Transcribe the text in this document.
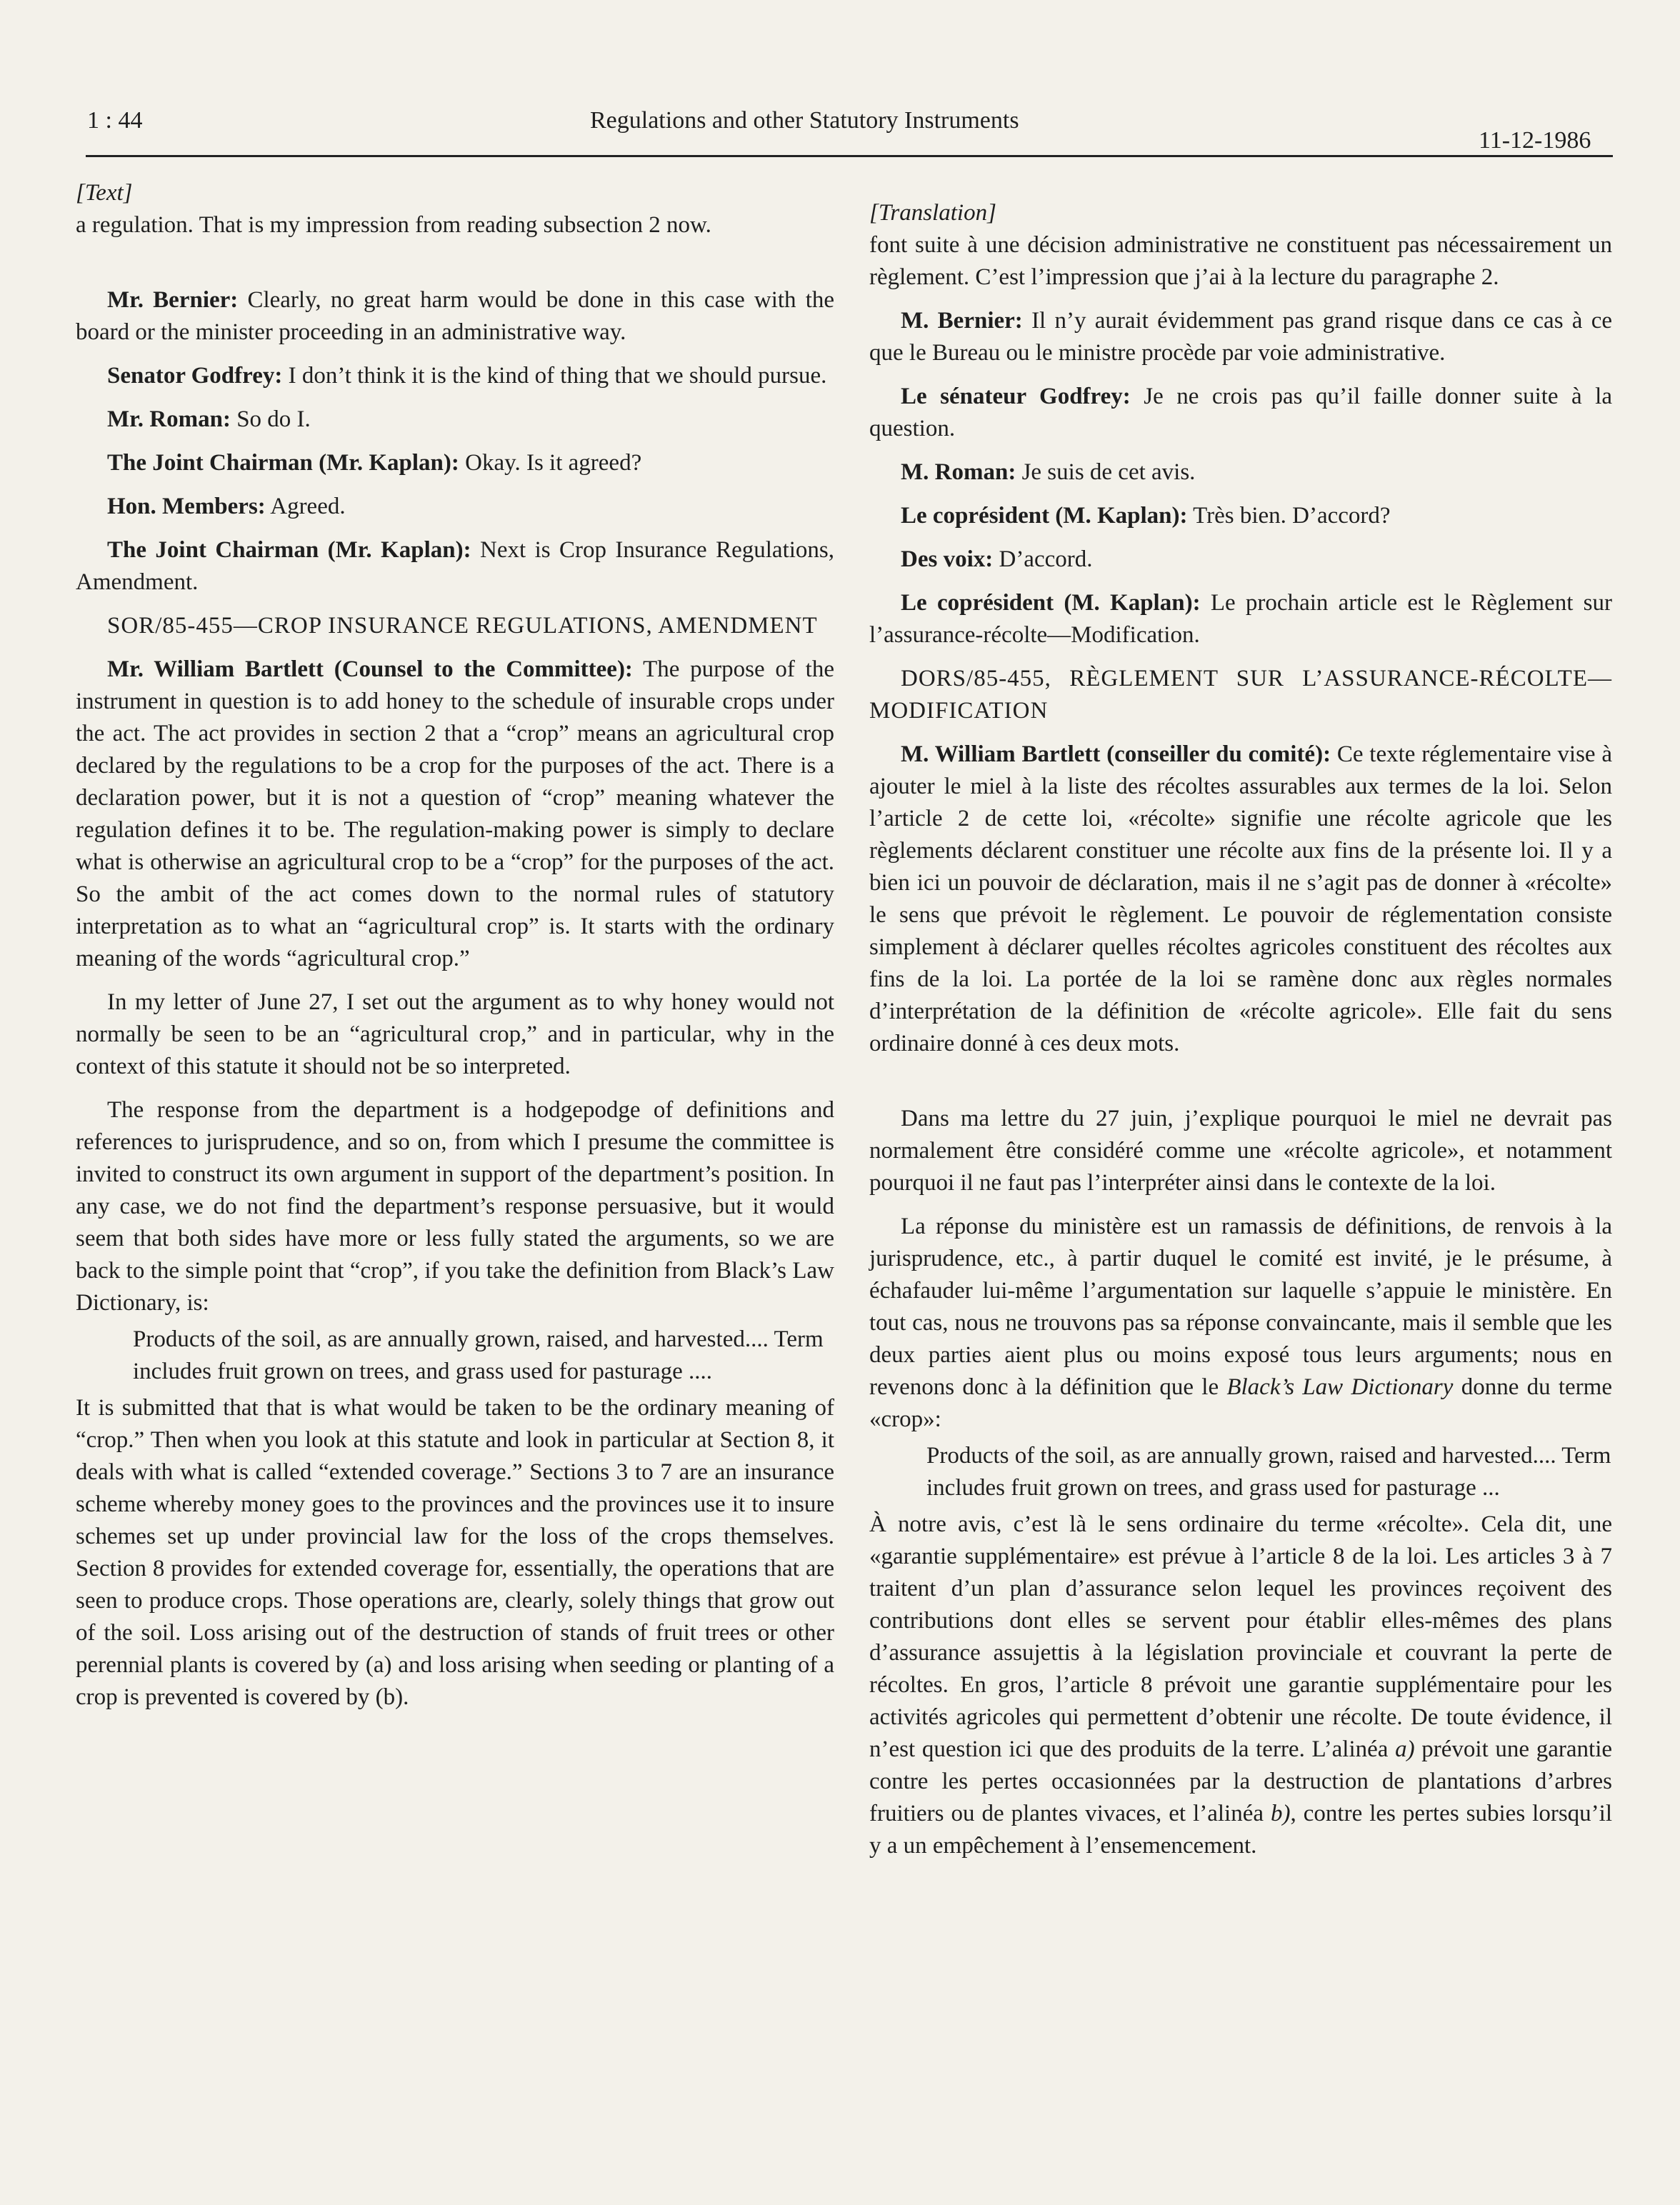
1 : 44	Regulations and other Statutory Instruments
11-12-1986

[Text]

a regulation. That is my impression from reading subsection 2 now.

Mr. Bernier: Clearly, no great harm would be done in this case with the board or the minister proceeding in an administrative way.

Senator Godfrey: I don’t think it is the kind of thing that we should pursue.

Mr. Roman: So do I.

The Joint Chairman (Mr. Kaplan): Okay. Is it agreed?

Hon. Members: Agreed.

The Joint Chairman (Mr. Kaplan): Next is Crop Insurance Regulations, Amendment.

SOR/85-455—CROP INSURANCE REGULATIONS, AMENDMENT

Mr. William Bartlett (Counsel to the Committee): The purpose of the instrument in question is to add honey to the schedule of insurable crops under the act. The act provides in section 2 that a “crop” means an agricultural crop declared by the regulations to be a crop for the purposes of the act. There is a declaration power, but it is not a question of “crop” meaning whatever the regulation defines it to be. The regulation-making power is simply to declare what is otherwise an agricultural crop to be a “crop” for the purposes of the act. So the ambit of the act comes down to the normal rules of statutory interpretation as to what an “agricultural crop” is. It starts with the ordinary meaning of the words “agricultural crop.”

In my letter of June 27, I set out the argument as to why honey would not normally be seen to be an “agricultural crop,” and in particular, why in the context of this statute it should not be so interpreted.

The response from the department is a hodgepodge of definitions and references to jurisprudence, and so on, from which I presume the committee is invited to construct its own argument in support of the department’s position. In any case, we do not find the department’s response persuasive, but it would seem that both sides have more or less fully stated the arguments, so we are back to the simple point that “crop”, if you take the definition from Black’s Law Dictionary, is:

Products of the soil, as are annually grown, raised, and harvested.... Term includes fruit grown on trees, and grass used for pasturage ....

It is submitted that that is what would be taken to be the ordinary meaning of “crop.” Then when you look at this statute and look in particular at Section 8, it deals with what is called “extended coverage.” Sections 3 to 7 are an insurance scheme whereby money goes to the provinces and the provinces use it to insure schemes set up under provincial law for the loss of the crops themselves. Section 8 provides for extended coverage for, essentially, the operations that are seen to produce crops. Those operations are, clearly, solely things that grow out of the soil. Loss arising out of the destruction of stands of fruit trees or other perennial plants is covered by (a) and loss arising when seeding or planting of a crop is prevented is covered by (b).

[Translation]

font suite à une décision administrative ne constituent pas nécessairement un règlement. C’est l’impression que j’ai à la lecture du paragraphe 2.

M. Bernier: Il n’y aurait évidemment pas grand risque dans ce cas à ce que le Bureau ou le ministre procède par voie administrative.

Le sénateur Godfrey: Je ne crois pas qu’il faille donner suite à la question.

M. Roman: Je suis de cet avis.

Le coprésident (M. Kaplan): Très bien. D’accord?

Des voix: D’accord.

Le coprésident (M. Kaplan): Le prochain article est le Règlement sur l’assurance-récolte—Modification.

DORS/85-455, RÈGLEMENT SUR L’ASSURANCE-RÉCOLTE—MODIFICATION

M. William Bartlett (conseiller du comité): Ce texte réglementaire vise à ajouter le miel à la liste des récoltes assurables aux termes de la loi. Selon l’article 2 de cette loi, «récolte» signifie une récolte agricole que les règlements déclarent constituer une récolte aux fins de la présente loi. Il y a bien ici un pouvoir de déclaration, mais il ne s’agit pas de donner à «récolte» le sens que prévoit le règlement. Le pouvoir de réglementation consiste simplement à déclarer quelles récoltes agricoles constituent des récoltes aux fins de la loi. La portée de la loi se ramène donc aux règles normales d’interprétation de la définition de «récolte agricole». Elle fait du sens ordinaire donné à ces deux mots.

Dans ma lettre du 27 juin, j’explique pourquoi le miel ne devrait pas normalement être considéré comme une «récolte agricole», et notamment pourquoi il ne faut pas l’interpréter ainsi dans le contexte de la loi.

La réponse du ministère est un ramassis de définitions, de renvois à la jurisprudence, etc., à partir duquel le comité est invité, je le présume, à échafauder lui-même l’argumentation sur laquelle s’appuie le ministère. En tout cas, nous ne trouvons pas sa réponse convaincante, mais il semble que les deux parties aient plus ou moins exposé tous leurs arguments; nous en revenons donc à la définition que le Black’s Law Dictionary donne du terme «crop»:

Products of the soil, as are annually grown, raised and harvested.... Term includes fruit grown on trees, and grass used for pasturage ...

À notre avis, c’est là le sens ordinaire du terme «récolte». Cela dit, une «garantie supplémentaire» est prévue à l’article 8 de la loi. Les articles 3 à 7 traitent d’un plan d’assurance selon lequel les provinces reçoivent des contributions dont elles se servent pour établir elles-mêmes des plans d’assurance assujettis à la législation provinciale et couvrant la perte de récoltes. En gros, l’article 8 prévoit une garantie supplémentaire pour les activités agricoles qui permettent d’obtenir une récolte. De toute évidence, il n’est question ici que des produits de la terre. L’alinéa a) prévoit une garantie contre les pertes occasionnées par la destruction de plantations d’arbres fruitiers ou de plantes vivaces, et l’alinéa b), contre les pertes subies lorsqu’il y a un empêchement à l’ensemencement.
